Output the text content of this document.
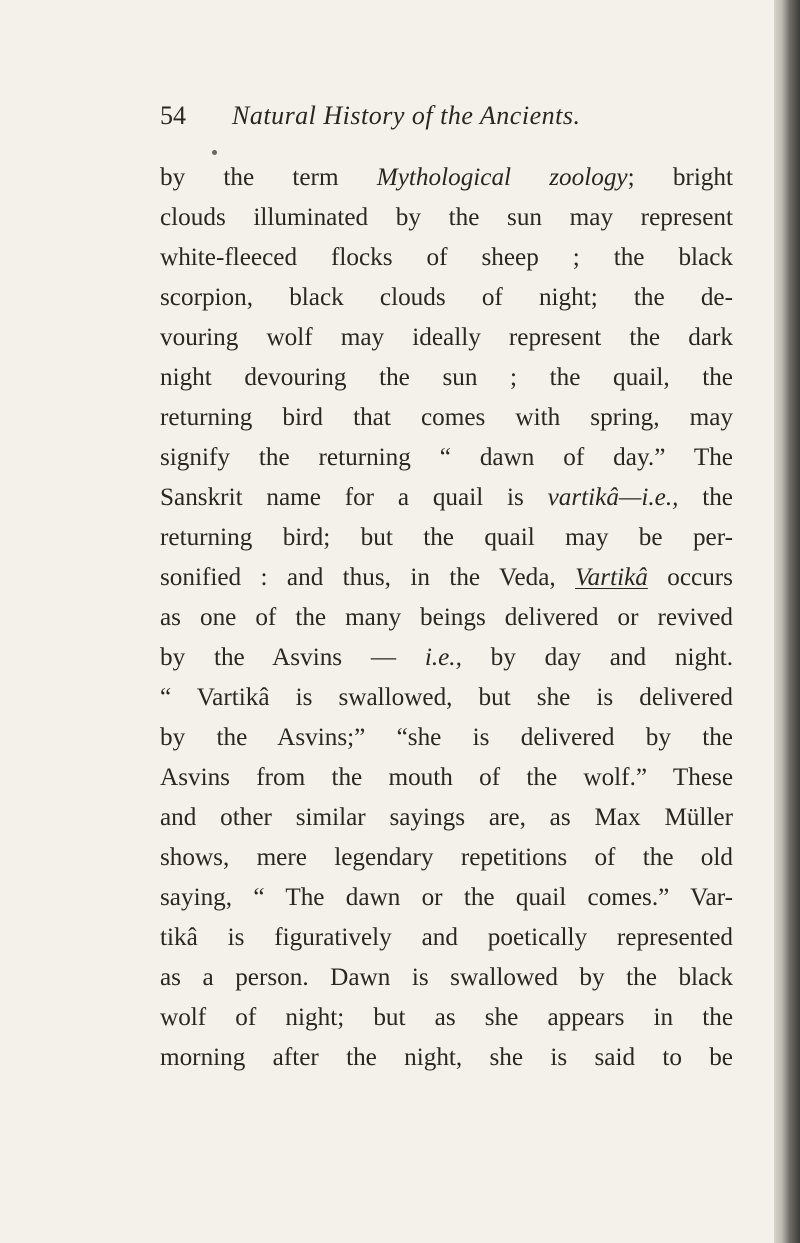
54 Natural History of the Ancients.
by the term Mythological zoology; bright
clouds illuminated by the sun may represent
white-fleeced flocks of sheep ; the black
scorpion, black clouds of night; the de-
vouring wolf may ideally represent the dark
night devouring the sun ; the quail, the
returning bird that comes with spring, may
signify the returning “ dawn of day.” The
Sanskrit name for a quail is vartikâ—i.e., the
returning bird; but the quail may be per-
sonified : and thus, in the Veda, Vartikâ occurs
as one of the many beings delivered or revived
by the Asvins — i.e., by day and night.
“ Vartikâ is swallowed, but she is delivered
by the Asvins;” “she is delivered by the
Asvins from the mouth of the wolf.” These
and other similar sayings are, as Max Müller
shows, mere legendary repetitions of the old
saying, “ The dawn or the quail comes.” Var-
tikâ is figuratively and poetically represented
as a person. Dawn is swallowed by the black
wolf of night; but as she appears in the
morning after the night, she is said to be
